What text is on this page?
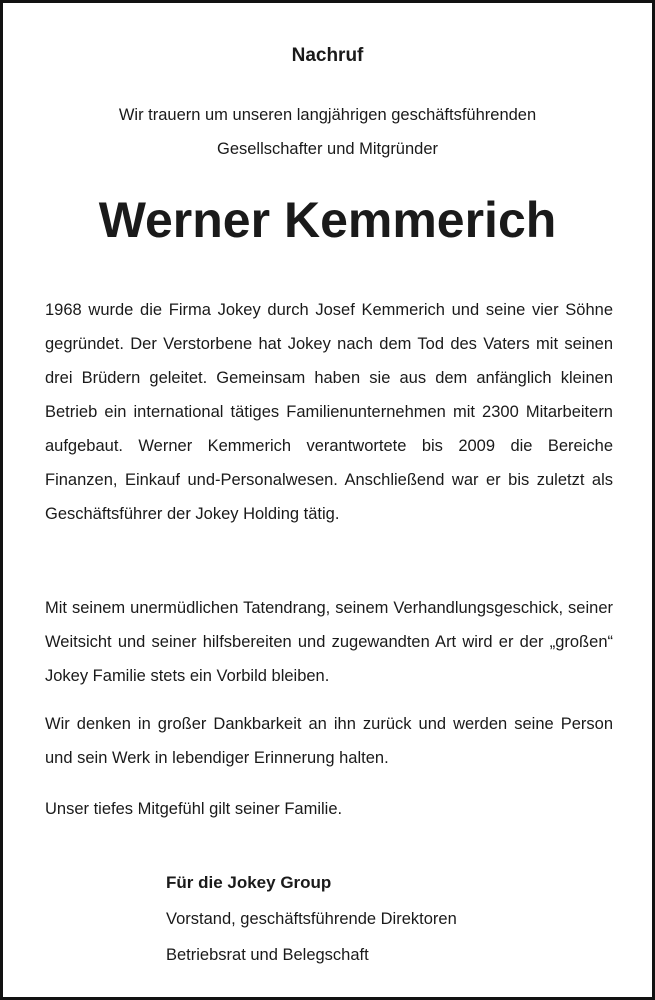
Nachruf

Wir trauern um unseren langjährigen geschäftsführenden
Gesellschafter und Mitgründer

Werner Kemmerich

1968 wurde die Firma Jokey durch Josef Kemmerich und seine vier Söhne gegründet. Der Verstorbene hat Jokey nach dem Tod des Vaters mit seinen drei Brüdern geleitet. Gemeinsam haben sie aus dem anfänglich kleinen Betrieb ein international tätiges Familienunternehmen mit 2300 Mitarbeitern aufgebaut. Werner Kemmerich verantwortete bis 2009 die Bereiche Finanzen, Einkauf und-Personalwesen. Anschließend war er bis zuletzt als Geschäftsführer der Jokey Holding tätig.

Mit seinem unermüdlichen Tatendrang, seinem Verhandlungsgeschick, seiner Weitsicht und seiner hilfsbereiten und zugewandten Art wird er der „großen“ Jokey Familie stets ein Vorbild bleiben.

Wir denken in großer Dankbarkeit an ihn zurück und werden seine Person und sein Werk in lebendiger Erinnerung halten.

Unser tiefes Mitgefühl gilt seiner Familie.

Für die Jokey Group
Vorstand, geschäftsführende Direktoren
Betriebsrat und Belegschaft
